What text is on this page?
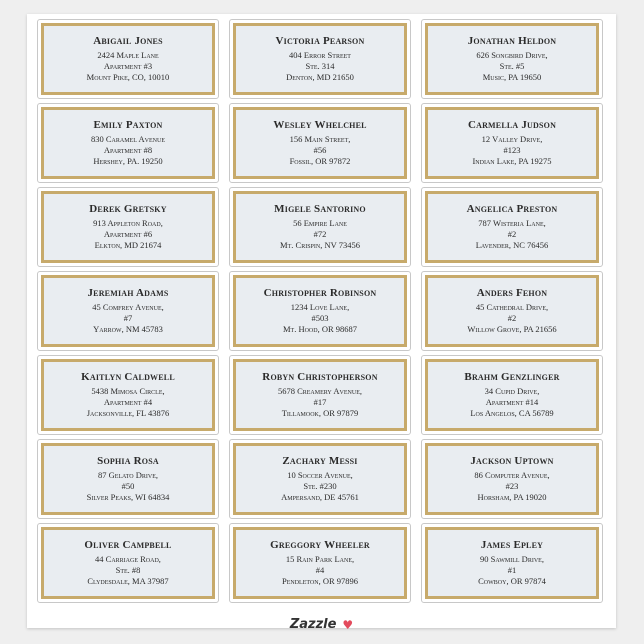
Abigail Jones
2424 Maple Lane
Apartment #3
Mount Pike, CO, 10010
Victoria Pearson
404 Error Street
Ste. 314
Denton, MD 21650
Jonathan Heldon
626 Songbird Drive,
Ste. #5
Music, PA 19650
Emily Paxton
830 Caramel Avenue
Apartment #8
Hershey, PA. 19250
Wesley Whelchel
156 Main Street,
#56
Fossil, OR 97872
Carmella Judson
12 Valley Drive,
#123
Indian Lake, PA 19275
Derek Gretsky
913 Appleton Road,
Apartment #6
Elkton, MD 21674
Migele Santorino
56 Empire Lane
#72
Mt. Crispin, NV 73456
Angelica Preston
787 Wisteria Lane,
#2
Lavender, NC 76456
Jeremiah Adams
45 Comfrey Avenue,
#7
Yarrow, NM 45783
Christopher Robinson
1234 Love Lane,
#503
Mt. Hood, OR 98687
Anders Fehon
45 Cathedral Drive,
#2
Willow Grove, PA 21656
Kaitlyn Caldwell
5438 Mimosa Circle,
Apartment #4
Jacksonville, FL 43876
Robyn Christopherson
5678 Creamery Avenue,
#17
Tillamook, OR 97879
Brahm Genzlinger
34 Cupid Drive,
Apartment #14
Los Angelos, CA 56789
Sophia Rosa
87 Gelato Drive,
#50
Silver Peaks, WI 64834
Zachary Messi
10 Soccer Avenue,
Ste. #230
Ampersand, DE 45761
Jackson Uptown
86 Computer Avenue,
#23
Horsham, PA 19020
Oliver Campbell
44 Carriage Road,
Ste. #8
Clydesdale, MA 37987
Greggory Wheeler
15 Rain Park Lane,
#4
Pendleton, OR 97896
James Epley
90 Sawmill Drive,
#1
Cowboy, OR 97874
Zazzle ♥
